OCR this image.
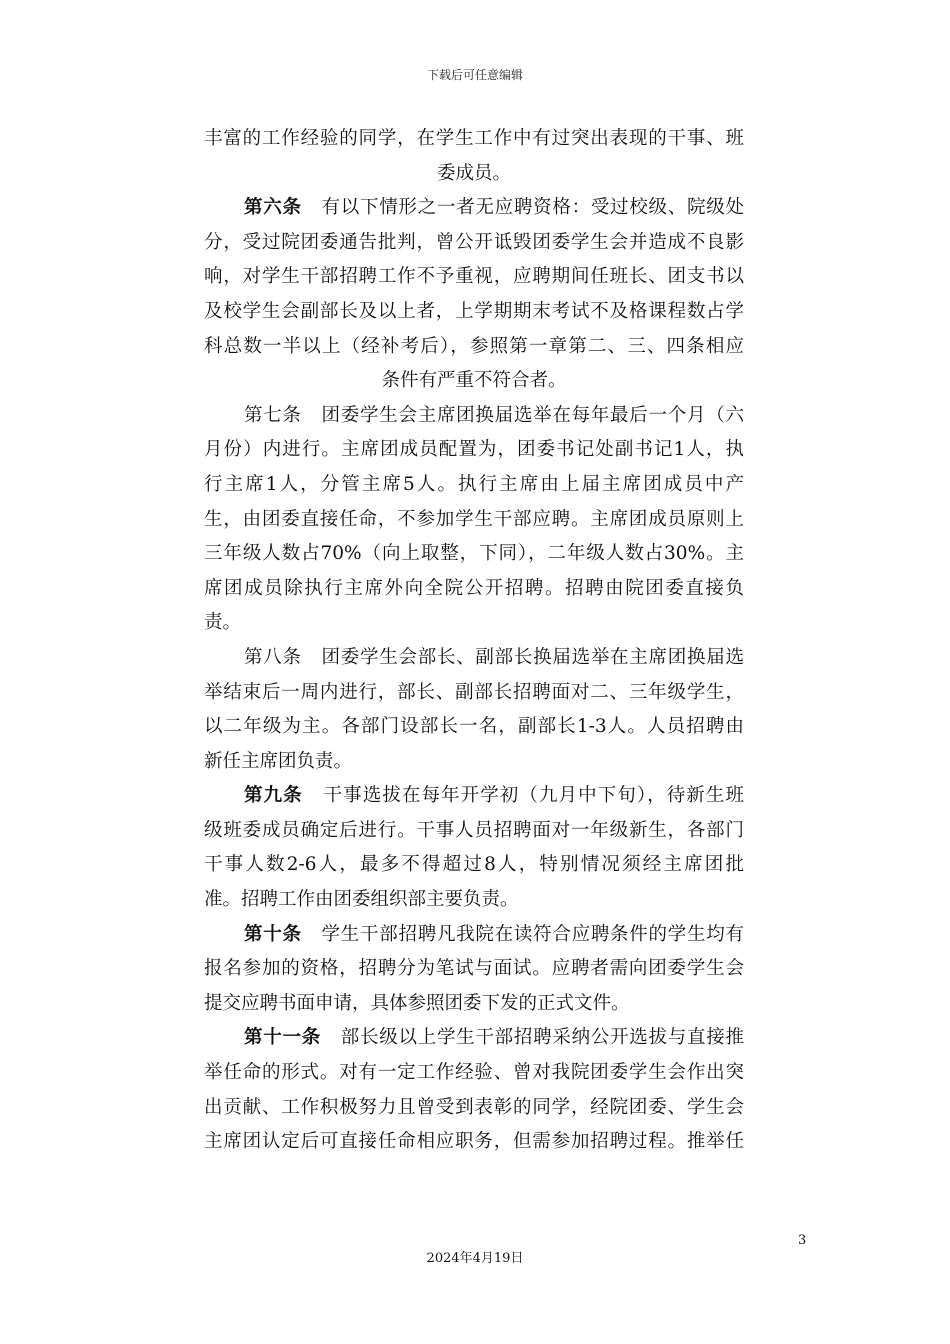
下载后可任意编辑
丰富的工作经验的同学，在学生工作中有过突出表现的干事、班
委成员。
第六条 有以下情形之一者无应聘资格：受过校级、院级处
分，受过院团委通告批判，曾公开诋毁团委学生会并造成不良影
响，对学生干部招聘工作不予重视，应聘期间任班长、团支书以
及校学生会副部长及以上者，上学期期末考试不及格课程数占学
科总数一半以上（经补考后），参照第一章第二、三、四条相应
条件有严重不符合者。
第七条 团委学生会主席团换届选举在每年最后一个月（六
月份）内进行。主席团成员配置为，团委书记处副书记1人，执
行主席1人，分管主席5人。执行主席由上届主席团成员中产
生，由团委直接任命，不参加学生干部应聘。主席团成员原则上
三年级人数占70%（向上取整，下同），二年级人数占30%。主
席团成员除执行主席外向全院公开招聘。招聘由院团委直接负
责。
第八条 团委学生会部长、副部长换届选举在主席团换届选
举结束后一周内进行，部长、副部长招聘面对二、三年级学生，
以二年级为主。各部门设部长一名，副部长1-3人。人员招聘由
新任主席团负责。
第九条 干事选拔在每年开学初（九月中下旬），待新生班
级班委成员确定后进行。干事人员招聘面对一年级新生，各部门
干事人数2-6人，最多不得超过8人，特别情况须经主席团批
准。招聘工作由团委组织部主要负责。
第十条 学生干部招聘凡我院在读符合应聘条件的学生均有
报名参加的资格，招聘分为笔试与面试。应聘者需向团委学生会
提交应聘书面申请，具体参照团委下发的正式文件。
第十一条 部长级以上学生干部招聘采纳公开选拔与直接推
举任命的形式。对有一定工作经验、曾对我院团委学生会作出突
出贡献、工作积极努力且曾受到表彰的同学，经院团委、学生会
主席团认定后可直接任命相应职务，但需参加招聘过程。推举任
3
2024年4月19日
